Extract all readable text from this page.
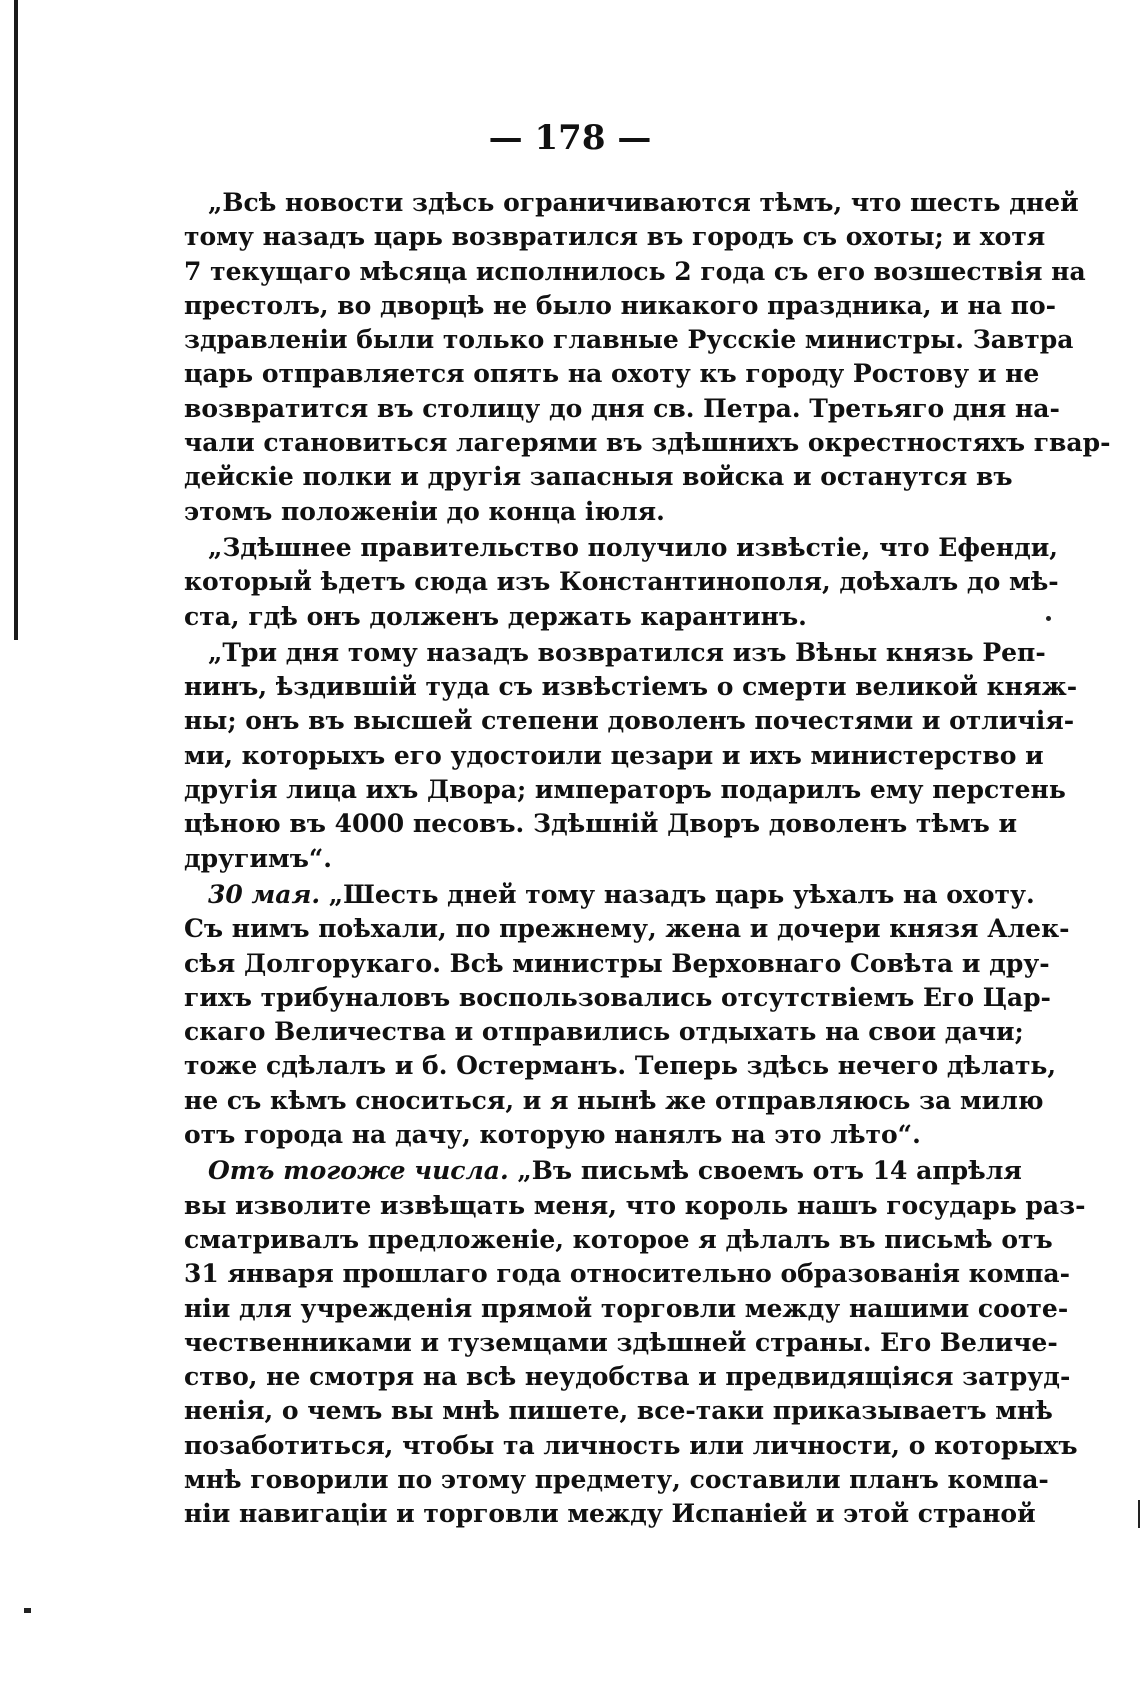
— 178 —
„Всѣ новости здѣсь ограничиваются тѣмъ, что шесть дней
тому назадъ царь возвратился въ городъ съ охоты; и хотя
7 текущаго мѣсяца исполнилось 2 года съ его возшествія на
престолъ, во дворцѣ не было никакого праздника, и на по-
здравленіи были только главные Русскіе министры. Завтра
царь отправляется опять на охоту къ городу Ростову и не
возвратится въ столицу до дня св. Петра. Третьяго дня на-
чали становиться лагерями въ здѣшнихъ окрестностяхъ гвар-
дейскіе полки и другія запасныя войска и останутся въ
этомъ положеніи до конца іюля.
„Здѣшнее правительство получило извѣстіе, что Ефенди,
который ѣдетъ сюда изъ Константинополя, доѣхалъ до мѣ-
ста, гдѣ онъ долженъ держать карантинъ.
„Три дня тому назадъ возвратился изъ Вѣны князь Реп-
нинъ, ѣздившій туда съ извѣстіемъ о смерти великой княж-
ны; онъ въ высшей степени доволенъ почестями и отличія-
ми, которыхъ его удостоили цезари и ихъ министерство и
другія лица ихъ Двора; императоръ подарилъ ему перстень
цѣною въ 4000 песовъ. Здѣшній Дворъ доволенъ тѣмъ и
другимъ“.
30 мая. „Шесть дней тому назадъ царь уѣхалъ на охоту.
Съ нимъ поѣхали, по прежнему, жена и дочери князя Алек-
сѣя Долгорукаго. Всѣ министры Верховнаго Совѣта и дру-
гихъ трибуналовъ воспользовались отсутствіемъ Его Цар-
скаго Величества и отправились отдыхать на свои дачи;
тоже сдѣлалъ и б. Остерманъ. Теперь здѣсь нечего дѣлать,
не съ кѣмъ сноситься, и я нынѣ же отправляюсь за милю
отъ города на дачу, которую нанялъ на это лѣто“.
Отъ тогоже числа. „Въ письмѣ своемъ отъ 14 апрѣля
вы изволите извѣщать меня, что король нашъ государь раз-
сматривалъ предложеніе, которое я дѣлалъ въ письмѣ отъ
31 января прошлаго года относительно образованія компа-
ніи для учрежденія прямой торговли между нашими сооте-
чественниками и туземцами здѣшней страны. Его Величе-
ство, не смотря на всѣ неудобства и предвидящіяся затруд-
ненія, о чемъ вы мнѣ пишете, все-таки приказываетъ мнѣ
позаботиться, чтобы та личность или личности, о которыхъ
мнѣ говорили по этому предмету, составили планъ компа-
ніи навигаціи и торговли между Испаніей и этой страной
